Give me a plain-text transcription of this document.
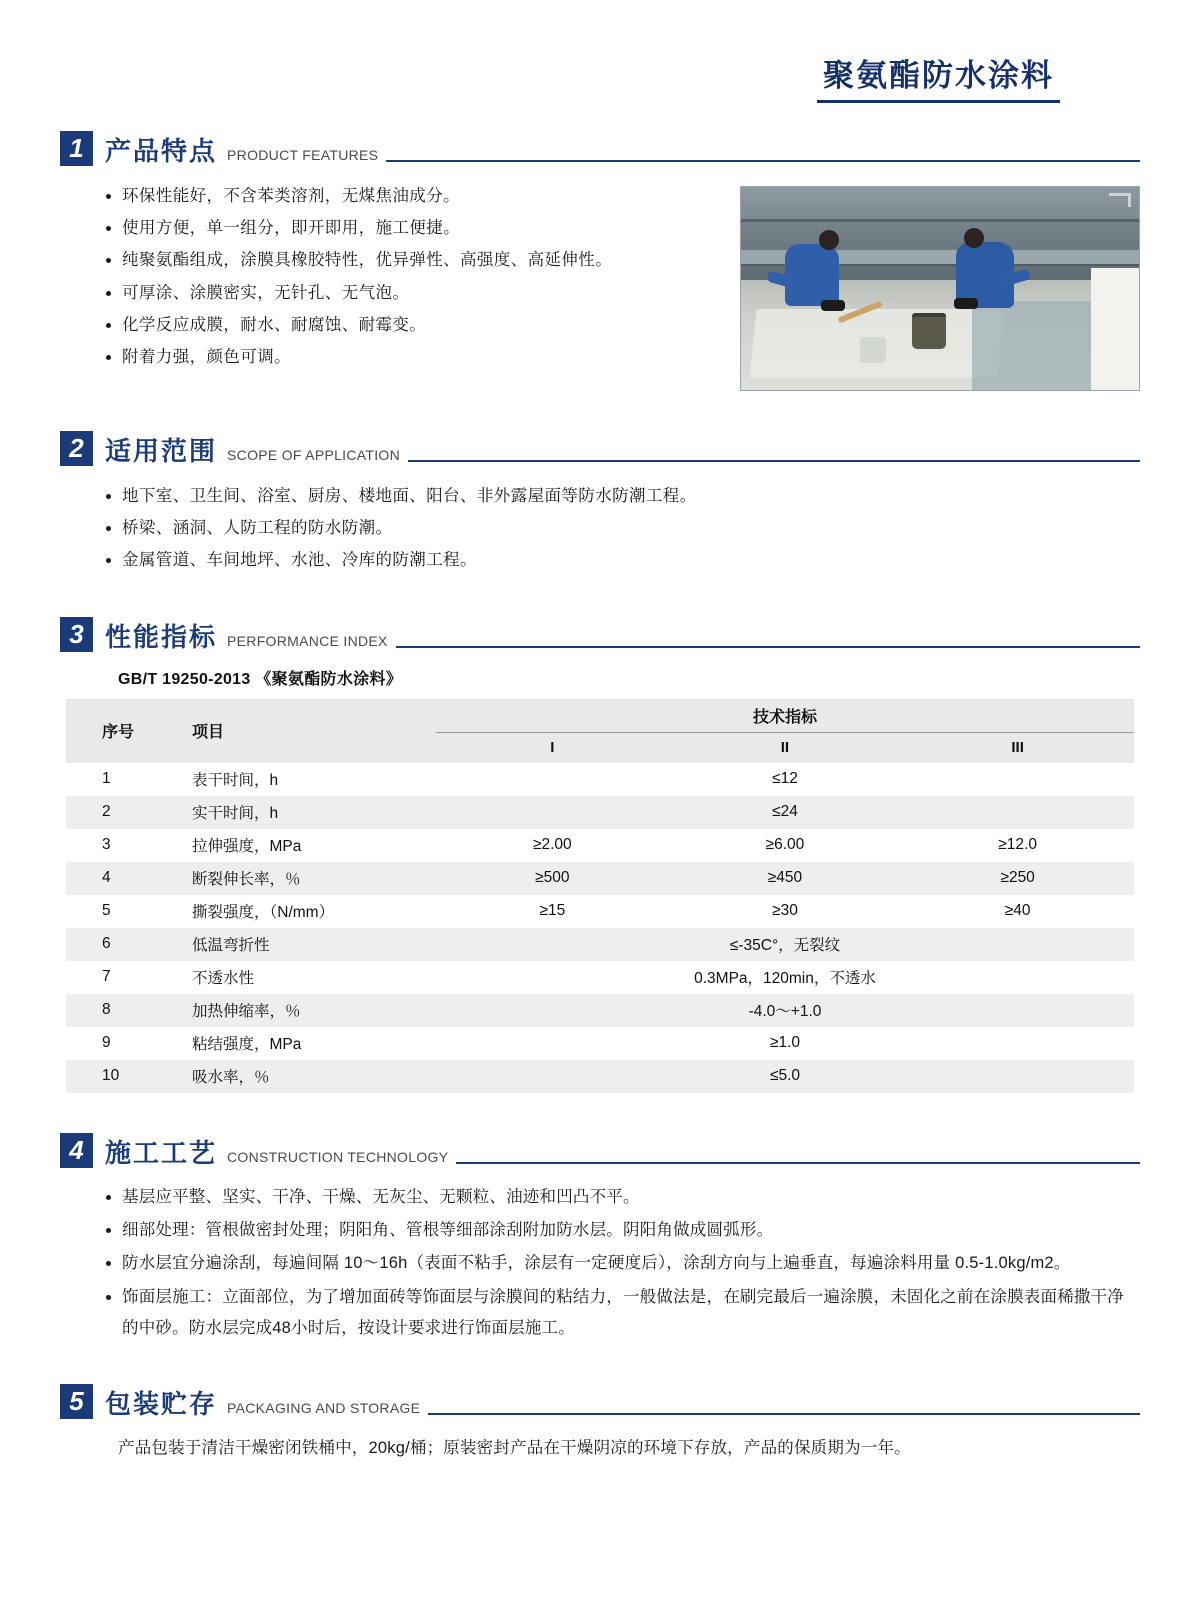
聚氨酯防水涂料
1 产品特点 PRODUCT FEATURES
环保性能好，不含苯类溶剂，无煤焦油成分。
使用方便，单一组分，即开即用，施工便捷。
纯聚氨酯组成，涂膜具橡胶特性，优异弹性、高强度、高延伸性。
可厚涂、涂膜密实，无针孔、无气泡。
化学反应成膜，耐水、耐腐蚀、耐霉变。
附着力强，颜色可调。
2 适用范围 SCOPE OF APPLICATION
地下室、卫生间、浴室、厨房、楼地面、阳台、非外露屋面等防水防潮工程。
桥梁、涵洞、人防工程的防水防潮。
金属管道、车间地坪、水池、冷库的防潮工程。
3 性能指标 PERFORMANCE INDEX
GB/T 19250-2013 《聚氨酯防水涂料》
序号	项目	技术指标		
		I	II	III
1	表干时间，h	≤12		
2	实干时间，h	≤24		
3	拉伸强度，MPa	≥2.00	≥6.00	≥12.0
4	断裂伸长率，％	≥500	≥450	≥250
5	撕裂强度，（N/mm）	≥15	≥30	≥40
6	低温弯折性	≤-35C°，无裂纹		
7	不透水性	0.3MPa，120min，不透水		
8	加热伸缩率，％	-4.0～+1.0		
9	粘结强度，MPa	≥1.0		
10	吸水率，％	≤5.0		
4 施工工艺 CONSTRUCTION TECHNOLOGY
基层应平整、坚实、干净、干燥、无灰尘、无颗粒、油迹和凹凸不平。
细部处理：管根做密封处理；阴阳角、管根等细部涂刮附加防水层。阴阳角做成圆弧形。
防水层宜分遍涂刮，每遍间隔 10～16h（表面不粘手，涂层有一定硬度后），涂刮方向与上遍垂直，每遍涂料用量 0.5-1.0kg/m2。
饰面层施工：立面部位，为了增加面砖等饰面层与涂膜间的粘结力，一般做法是，在刷完最后一遍涂膜，未固化之前在涂膜表面稀撒干净的中砂。防水层完成48小时后，按设计要求进行饰面层施工。
5 包装贮存 PACKAGING AND STORAGE
产品包装于清洁干燥密闭铁桶中，20kg/桶；原装密封产品在干燥阴凉的环境下存放，产品的保质期为一年。
